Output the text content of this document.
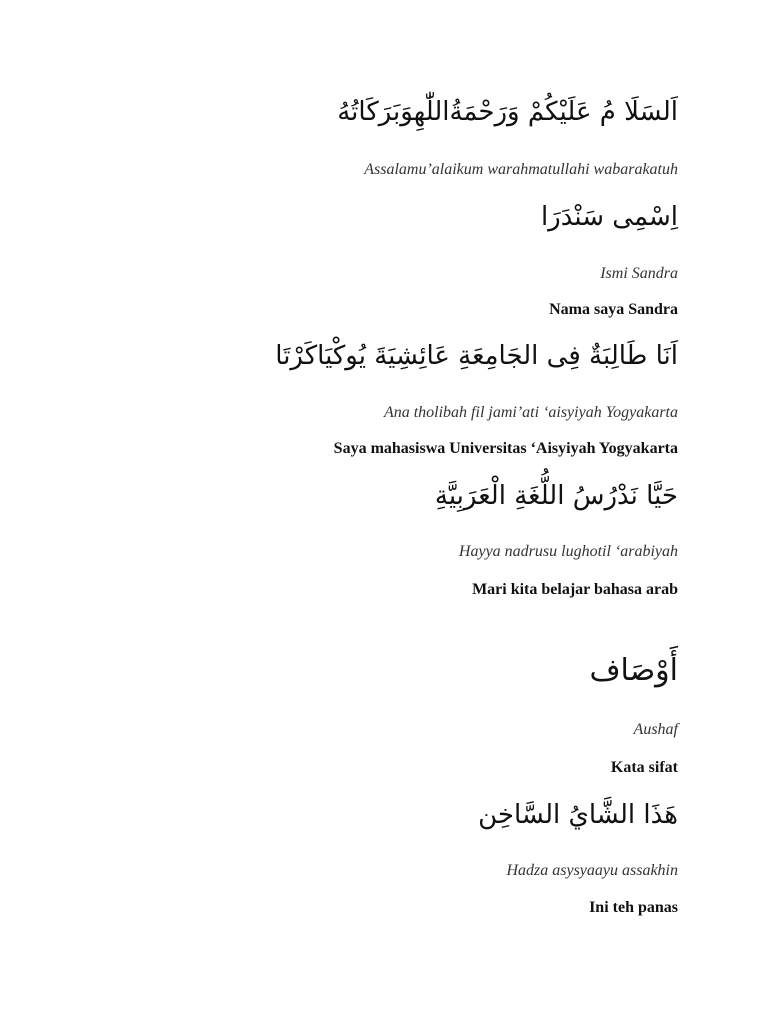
اَلسَلَا مُ عَلَيْكُمْ وَرَحْمَةُاللّٰهِوَبَرَكَاتُهُ
Assalamu’alaikum warahmatullahi wabarakatuh
اِسْمِى سَنْدَرَا
Ismi Sandra
Nama saya Sandra
اَنَا طَالِبَةٌ فِى الجَامِعَةِ عَائِشِيَةَ يُوكْيَاكَرْتَا
Ana tholibah fil jami’ati ‘aisyiyah Yogyakarta
Saya mahasiswa Universitas ‘Aisyiyah Yogyakarta
حَيَّا نَدْرُسُ اللُّغَةِ الْعَرَبِيَّةِ
Hayya nadrusu lughotil ‘arabiyah
Mari kita belajar bahasa arab
أَوْصَاف
Aushaf
Kata sifat
هَذَا الشَّايُ السَّاخِن
Hadza asysyaayu assakhin
Ini teh panas
